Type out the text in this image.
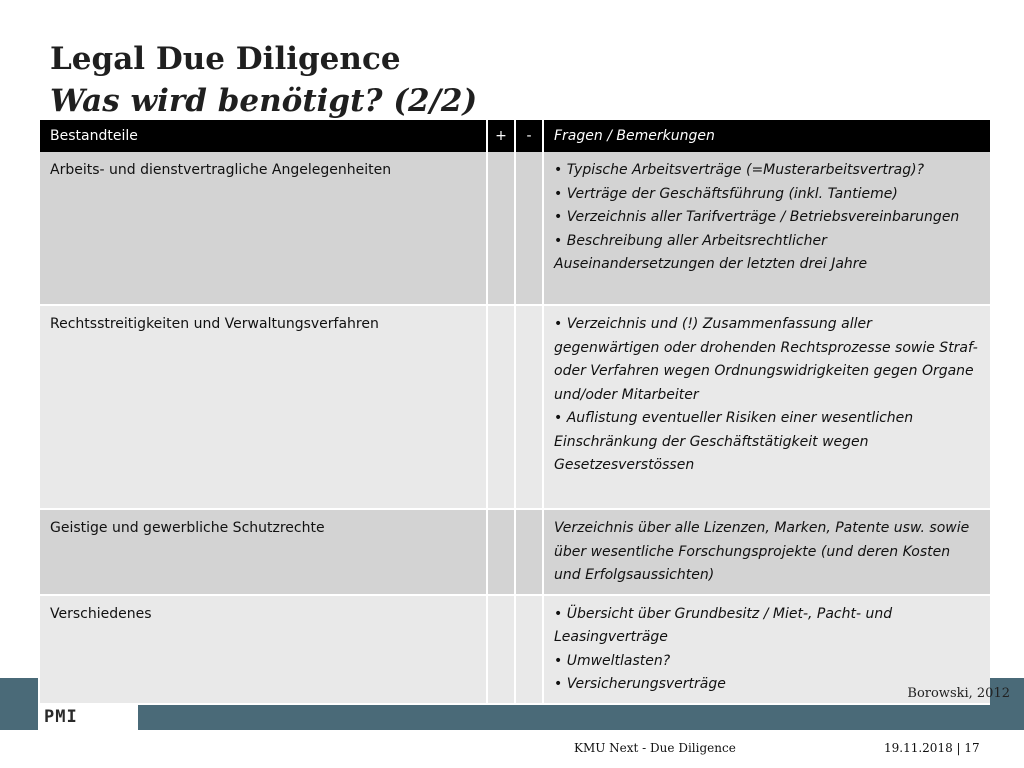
Legal Due Diligence
Was wird benötigt? (2/2)
PMI
Bestandteile	+	-	Fragen / Bemerkungen
Arbeits- und dienstvertragliche Angelegenheiten			• Typische Arbeitsverträge (=Musterarbeitsvertrag)?
• Verträge der Geschäftsführung (inkl. Tantieme)
• Verzeichnis aller Tarifverträge / Betriebsvereinbarungen
• Beschreibung aller Arbeitsrechtlicher Auseinandersetzungen der letzten drei Jahre

Rechtsstreitigkeiten und Verwaltungsverfahren			• Verzeichnis und (!) Zusammenfassung aller gegenwärtigen oder drohenden Rechtsprozesse sowie Straf- oder Verfahren wegen Ordnungswidrigkeiten gegen Organe und/oder Mitarbeiter
• Auflistung eventueller Risiken einer wesentlichen Einschränkung der Geschäftstätigkeit wegen Gesetzesverstössen

Geistige und gewerbliche Schutzrechte			Verzeichnis über alle Lizenzen, Marken, Patente usw. sowie über wesentliche Forschungsprojekte (und deren Kosten und Erfolgsaussichten)
Verschiedenes			• Übersicht über Grundbesitz / Miet-, Pacht- und Leasingverträge
• Umweltlasten?
• Versicherungsverträge
Borowski, 2012
KMU Next - Due Diligence	19.11.2018 | 17
